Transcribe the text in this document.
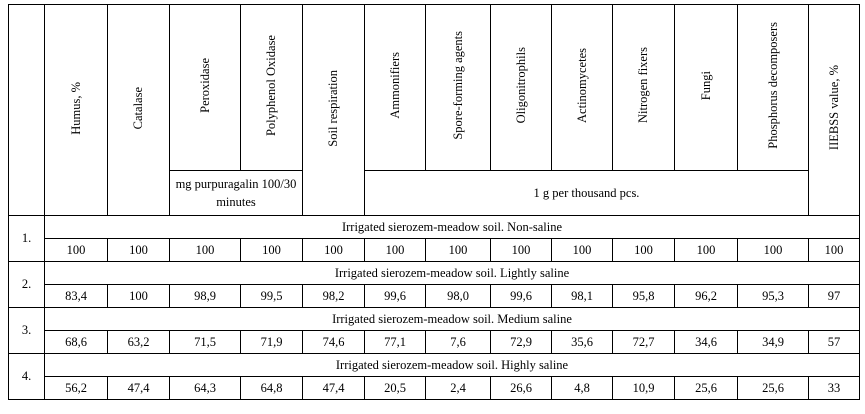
	Humus, %	Catalase	Peroxidase	Polyphenol Oxidase	Soil respiration	Ammonifiers	Spore-forming agents	Oligonitrophils	Actinomycetes	Nitrogen fixers	Fungi	Phosphorus decomposers	IIEBSS value, %
			mg purpuragalin 100/30 minutes			1 g per thousand pcs.							
1.	Irrigated sierozem-meadow soil. Non-saline												
	100	100	100	100	100	100	100	100	100	100	100	100	100
2.	Irrigated sierozem-meadow soil. Lightly saline												
	83,4	100	98,9	99,5	98,2	99,6	98,0	99,6	98,1	95,8	96,2	95,3	97
3.	Irrigated sierozem-meadow soil. Medium saline												
	68,6	63,2	71,5	71,9	74,6	77,1	7,6	72,9	35,6	72,7	34,6	34,9	57
4.	Irrigated sierozem-meadow soil. Highly saline												
	56,2	47,4	64,3	64,8	47,4	20,5	2,4	26,6	4,8	10,9	25,6	25,6	33
